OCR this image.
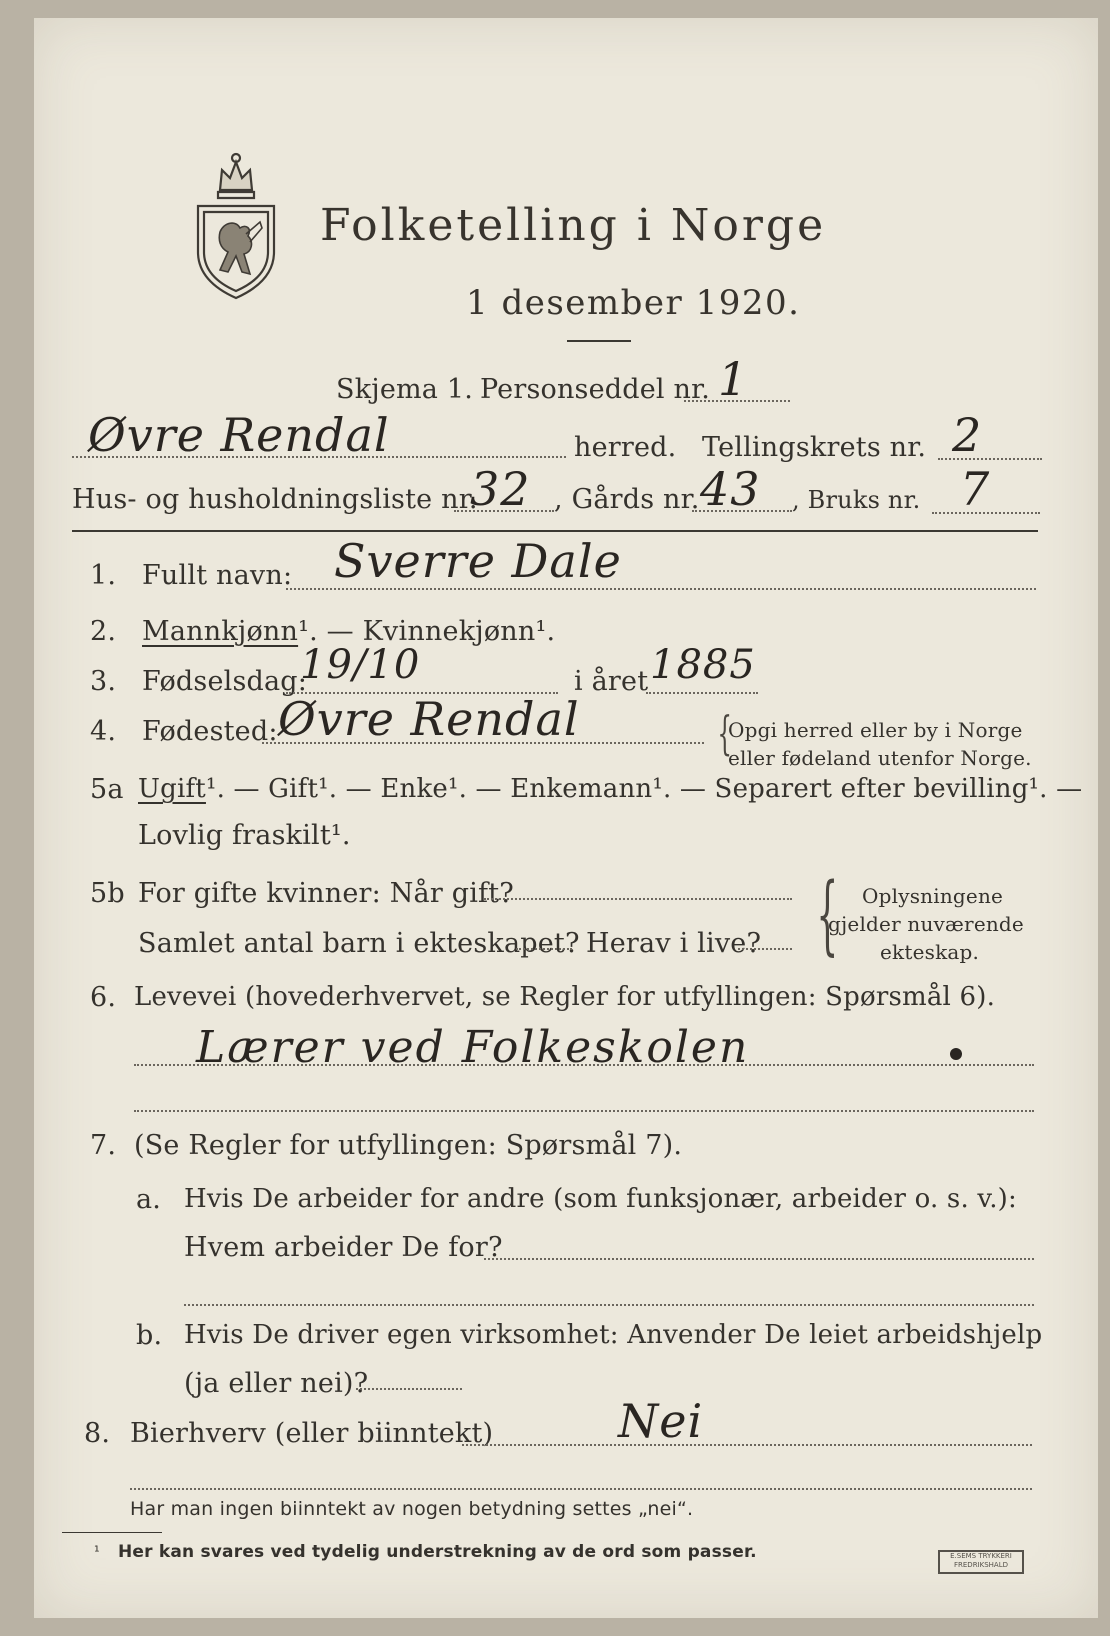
Folketelling i Norge
1 desember 1920.
Skjema 1. Personseddel nr. 1
Øvre Rendal	herred. Tellingskrets nr. 2
Hus- og husholdningsliste nr.
32 , Gårds nr. 43 , Bruks nr. 7
1. Fullt navn: Sverre Dale
2. Mannkjønn¹. — Kvinnekjønn¹.
3. Fødselsdag:
19/10	i året 1885
4. Fødested: Øvre Rendal	{
Opgi herred eller by i Norge
eller fødeland utenfor Norge.
5a Ugift¹. — Gift¹. — Enke¹. — Enkemann¹. — Separert efter bevilling¹. —
Lovlig fraskilt¹.
5b For gifte kvinner: Når gift?
Samlet antal barn i ekteskapet? Herav i live? { Oplysningene
gjelder nuværende
ekteskap.
6. Levevei (hovederhvervet, se Regler for utfyllingen: Spørsmål 6).
Lærer ved Folkeskolen
7. (Se Regler for utfyllingen: Spørsmål 7).
a. Hvis De arbeider for andre (som funksjonær, arbeider o. s. v.):
Hvem arbeider De for?
b. Hvis De driver egen virksomhet: Anvender De leiet arbeidshjelp
(ja eller nei)?
8. Bierhverv (eller biinntekt)	Nei
Har man ingen biinntekt av nogen betydning settes „nei“.
¹ Her kan svares ved tydelig understrekning av de ord som passer.	E.SEMS TRYKKERI
FREDRIKSHALD
